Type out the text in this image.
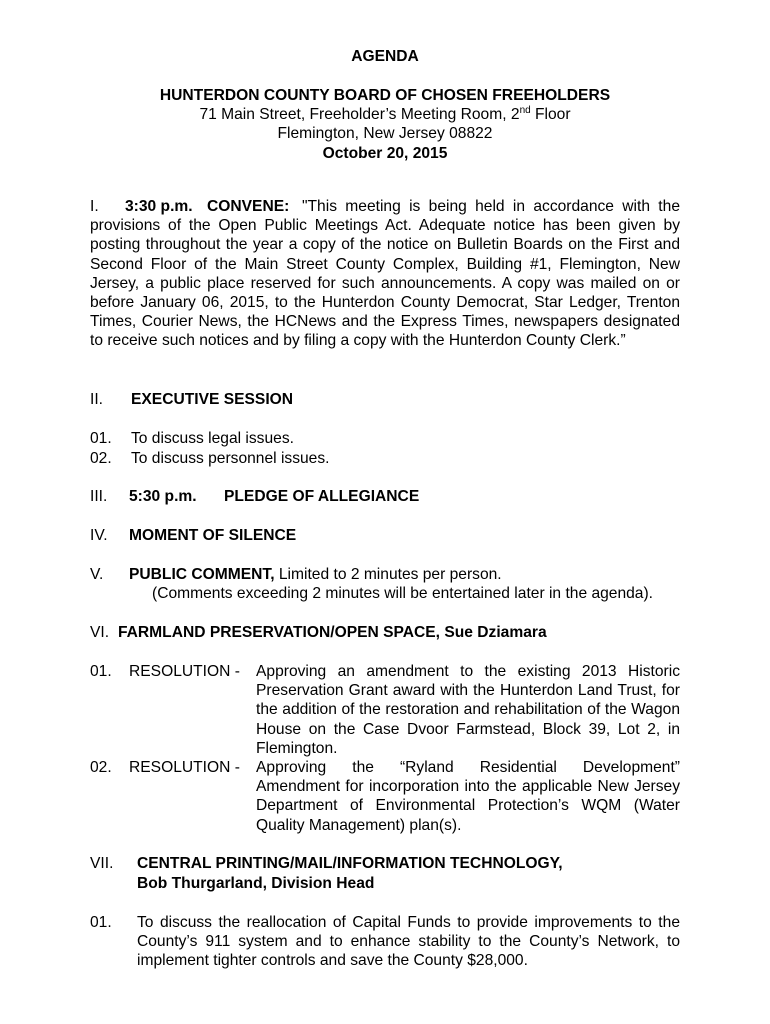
AGENDA

HUNTERDON COUNTY BOARD OF CHOSEN FREEHOLDERS

71 Main Street, Freeholder’s Meeting Room, 2nd Floor

Flemington, New Jersey 08822

October 20, 2015

I. 3:30 p.m. CONVENE: "This meeting is being held in accordance with the provisions of the Open Public Meetings Act. Adequate notice has been given by posting throughout the year a copy of the notice on Bulletin Boards on the First and Second Floor of the Main Street County Complex, Building #1, Flemington, New Jersey, a public place reserved for such announcements. A copy was mailed on or before January 06, 2015, to the Hunterdon County Democrat, Star Ledger, Trenton Times, Courier News, the HCNews and the Express Times, newspapers designated to receive such notices and by filing a copy with the Hunterdon County Clerk.”

II. EXECUTIVE SESSION

01. To discuss legal issues.

02. To discuss personnel issues.

III. 5:30 p.m. PLEDGE OF ALLEGIANCE

IV. MOMENT OF SILENCE

V. PUBLIC COMMENT, Limited to 2 minutes per person.

(Comments exceeding 2 minutes will be entertained later in the agenda).

VI. FARMLAND PRESERVATION/OPEN SPACE, Sue Dziamara

01. RESOLUTION - Approving an amendment to the existing 2013 Historic Preservation Grant award with the Hunterdon Land Trust, for the addition of the restoration and rehabilitation of the Wagon House on the Case Dvoor Farmstead, Block 39, Lot 2, in Flemington.

02. RESOLUTION - Approving the “Ryland Residential Development” Amendment for incorporation into the applicable New Jersey Department of Environmental Protection’s WQM (Water Quality Management) plan(s).

VII. CENTRAL PRINTING/MAIL/INFORMATION TECHNOLOGY,

Bob Thurgarland, Division Head

01. To discuss the reallocation of Capital Funds to provide improvements to the County’s 911 system and to enhance stability to the County’s Network, to implement tighter controls and save the County $28,000.
